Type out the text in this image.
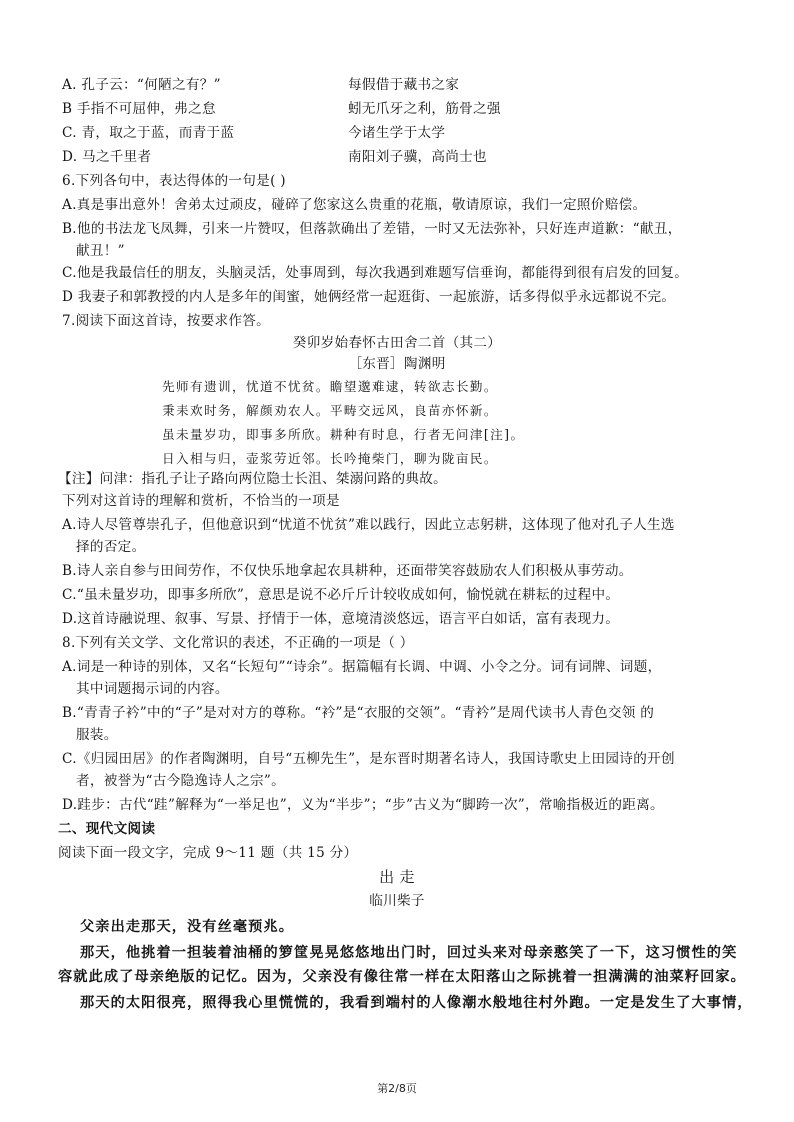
A. 孔子云：“何陋之有？”	每假借于藏书之家
B 手指不可屈伸，弗之怠	蚓无爪牙之利，筋骨之强
C. 青，取之于蓝，而青于蓝	今诸生学于太学
D. 马之千里者	南阳刘子骥，高尚士也
6.下列各句中，表达得体的一句是( )
A.真是事出意外！舍弟太过顽皮，碰碎了您家这么贵重的花瓶，敬请原谅，我们一定照价赔偿。
B.他的书法龙飞凤舞，引来一片赞叹，但落款确出了差错，一时又无法弥补，只好连声道歉：“献丑，
献丑！”
C.他是我最信任的朋友，头脑灵活，处事周到，每次我遇到难题写信垂询，都能得到很有启发的回复。
D 我妻子和郭教授的内人是多年的闺蜜，她俩经常一起逛街、一起旅游，话多得似乎永远都说不完。
7.阅读下面这首诗，按要求作答。
癸卯岁始春怀古田舍二首（其二）
［东晋］陶渊明
先师有遗训，忧道不忧贫。瞻望邈难逮，转欲志长勤。
秉耒欢时务，解颜劝农人。平畴交远风，良苗亦怀新。
虽未量岁功，即事多所欣。耕种有时息，行者无问津[注]。
日入相与归，壶浆劳近邻。长吟掩柴门，聊为陇亩民。
【注】问津：指孔子让子路向两位隐士长沮、桀溺问路的典故。
下列对这首诗的理解和赏析，不恰当的一项是
A.诗人尽管尊崇孔子，但他意识到“忧道不忧贫”难以践行，因此立志躬耕，这体现了他对孔子人生选
择的否定。
B.诗人亲自参与田间劳作，不仅快乐地拿起农具耕种，还面带笑容鼓励农人们积极从事劳动。
C.“虽未量岁功，即事多所欣”，意思是说不必斤斤计较收成如何，愉悦就在耕耘的过程中。
D.这首诗融说理、叙事、写景、抒情于一体，意境清淡悠远，语言平白如话，富有表现力。
8.下列有关文学、文化常识的表述，不正确的一项是（ ）
A.词是一种诗的别体，又名“长短句”“诗余”。据篇幅有长调、中调、小令之分。词有词牌、词题，
其中词题揭示词的内容。
B.“青青子衿”中的“子”是对对方的尊称。“衿”是“衣服的交领”。“青衿”是周代读书人青色交领 的
服装。
C.《归园田居》的作者陶渊明，自号“五柳先生”，是东晋时期著名诗人，我国诗歌史上田园诗的开创
者，被誉为“古今隐逸诗人之宗”。
D.跬步：古代“跬”解释为“一举足也”，义为“半步”；“步”古义为“脚跨一次”，常喻指极近的距离。
二、现代文阅读
阅读下面一段文字，完成 9～11 题（共 15 分）
出 走
临川柴子
父亲出走那天，没有丝毫预兆。
那天，他挑着一担装着油桶的箩筐晃晃悠悠地出门时，回过头来对母亲憨笑了一下，这习惯性的笑
容就此成了母亲绝版的记忆。因为，父亲没有像往常一样在太阳落山之际挑着一担满满的油菜籽回家。
那天的太阳很亮，照得我心里慌慌的，我看到端村的人像潮水般地往村外跑。一定是发生了大事情，
第2/8页
